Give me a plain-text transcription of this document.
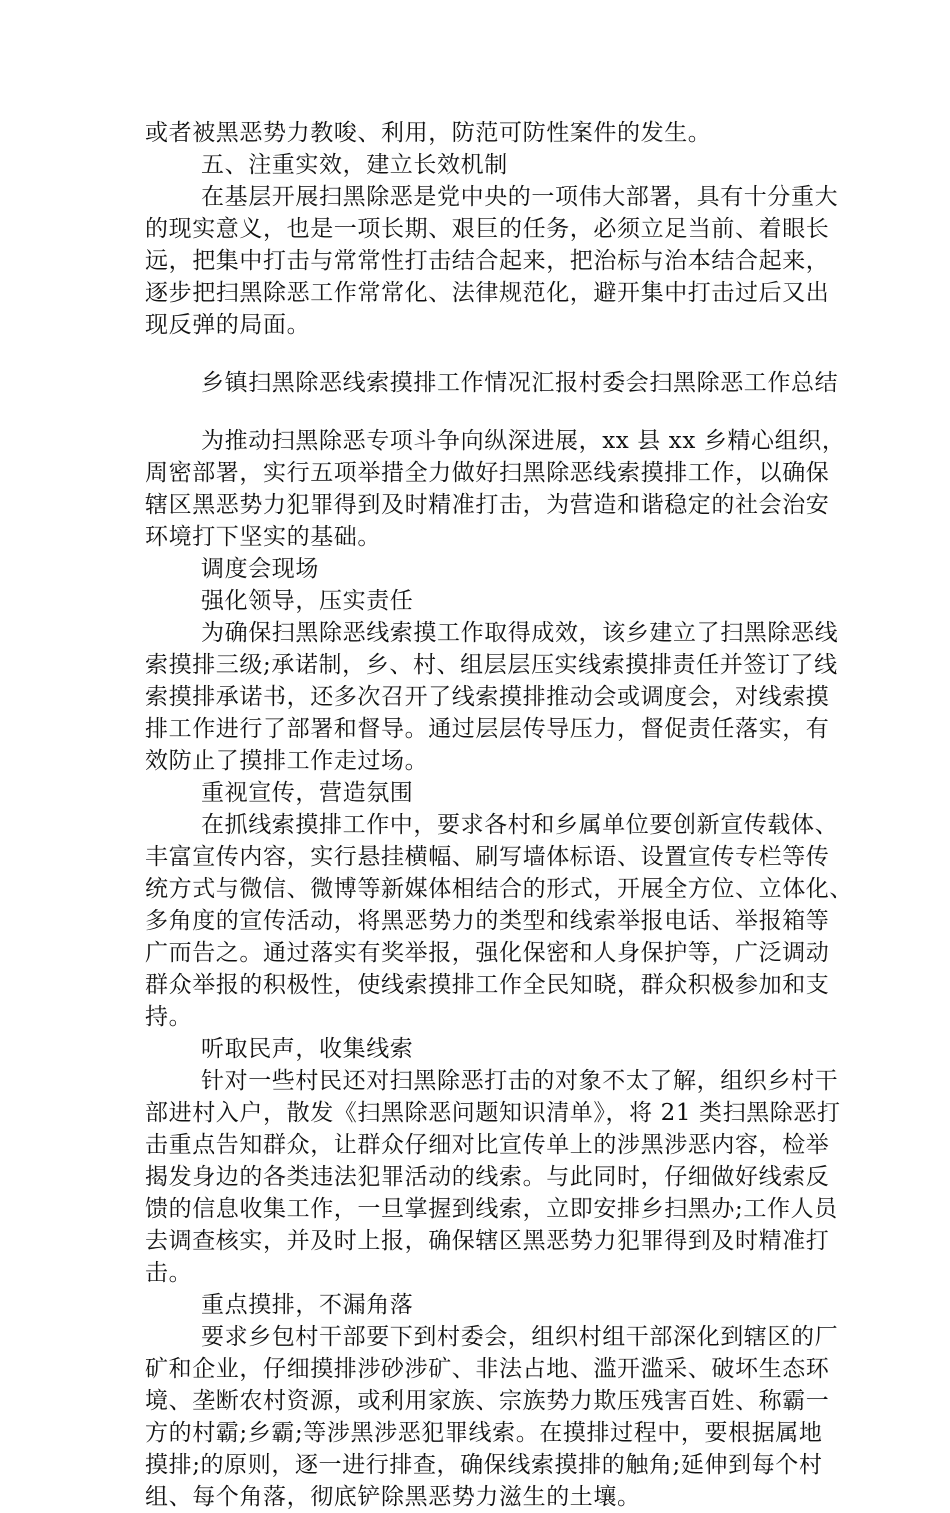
或者被黑恶势力教唆、利用，防范可防性案件的发生。
五、注重实效，建立长效机制
在基层开展扫黑除恶是党中央的一项伟大部署，具有十分重大
的现实意义，也是一项长期、艰巨的任务，必须立足当前、着眼长
远，把集中打击与常常性打击结合起来，把治标与治本结合起来，
逐步把扫黑除恶工作常常化、法律规范化，避开集中打击过后又出
现反弹的局面。
乡镇扫黑除恶线索摸排工作情况汇报村委会扫黑除恶工作总结
为推动扫黑除恶专项斗争向纵深进展，xx 县 xx 乡精心组织，
周密部署，实行五项举措全力做好扫黑除恶线索摸排工作，以确保
辖区黑恶势力犯罪得到及时精准打击，为营造和谐稳定的社会治安
环境打下坚实的基础。
调度会现场
强化领导，压实责任
为确保扫黑除恶线索摸工作取得成效，该乡建立了扫黑除恶线
索摸排三级;承诺制，乡、村、组层层压实线索摸排责任并签订了线
索摸排承诺书，还多次召开了线索摸排推动会或调度会，对线索摸
排工作进行了部署和督导。通过层层传导压力，督促责任落实，有
效防止了摸排工作走过场。
重视宣传，营造氛围
在抓线索摸排工作中，要求各村和乡属单位要创新宣传载体、
丰富宣传内容，实行悬挂横幅、刷写墙体标语、设置宣传专栏等传
统方式与微信、微博等新媒体相结合的形式，开展全方位、立体化、
多角度的宣传活动，将黑恶势力的类型和线索举报电话、举报箱等
广而告之。通过落实有奖举报，强化保密和人身保护等，广泛调动
群众举报的积极性，使线索摸排工作全民知晓，群众积极参加和支
持。
听取民声，收集线索
针对一些村民还对扫黑除恶打击的对象不太了解，组织乡村干
部进村入户，散发《扫黑除恶问题知识清单》，将 21 类扫黑除恶打
击重点告知群众，让群众仔细对比宣传单上的涉黑涉恶内容，检举
揭发身边的各类违法犯罪活动的线索。与此同时，仔细做好线索反
馈的信息收集工作，一旦掌握到线索，立即安排乡扫黑办;工作人员
去调查核实，并及时上报，确保辖区黑恶势力犯罪得到及时精准打
击。
重点摸排，不漏角落
要求乡包村干部要下到村委会，组织村组干部深化到辖区的厂
矿和企业，仔细摸排涉砂涉矿、非法占地、滥开滥采、破坏生态环
境、垄断农村资源，或利用家族、宗族势力欺压残害百姓、称霸一
方的村霸;乡霸;等涉黑涉恶犯罪线索。在摸排过程中，要根据属地
摸排;的原则，逐一进行排查，确保线索摸排的触角;延伸到每个村
组、每个角落，彻底铲除黑恶势力滋生的土壤。
